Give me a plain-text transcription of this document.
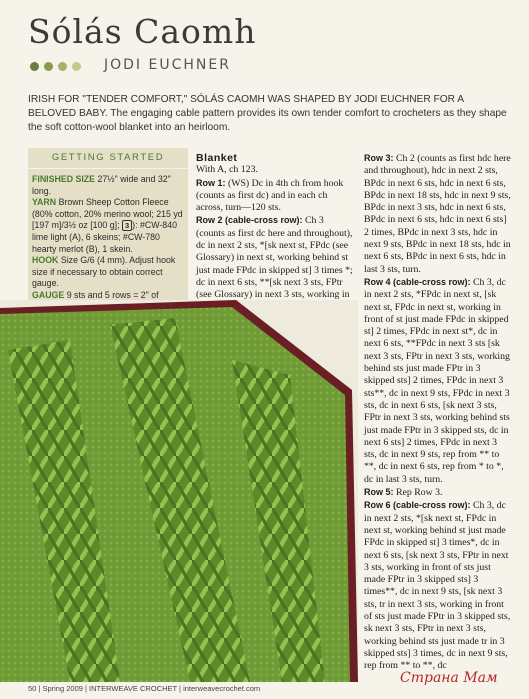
Sólás Caomh
JODI EUCHNER
IRISH FOR "TENDER COMFORT," SÓLÁS CAOMH WAS SHAPED BY JODI EUCHNER FOR A BELOVED BABY. The engaging cable pattern provides its own tender comfort to crocheters as they shape the soft cotton-wool blanket into an heirloom.
GETTING STARTED

FINISHED SIZE 27½" wide and 32" long.

YARN Brown Sheep Cotton Fleece (80% cotton, 20% merino wool; 215 yd [197 m]/3½ oz [100 g]; 3 ): #CW-840 lime light (A), 6 skeins; #CW-780 hearty merlot (B), 1 skein.

HOOK Size G/6 (4 mm). Adjust hook size if necessary to obtain correct gauge.

GAUGE 9 sts and 5 rows = 2" of

Blanket

With A, ch 123.

Row 1: (WS) Dc in 4th ch from hook (counts as first dc) and in each ch across, turn—120 sts.

Row 2 (cable-cross row): Ch 3 (counts as first dc here and throughout), dc in next 2 sts, *[sk next st, FPdc (see Glossary) in next st, working behind st just made FPdc in skipped st] 3 times *; dc in next 6 sts, **[sk next 3 sts, FPtr (see Glossary) in next 3 sts, working in

Row 3: Ch 2 (counts as first hdc here and throughout), hdc in next 2 sts, BPdc in next 6 sts, hdc in next 6 sts, BPdc in next 18 sts, hdc in next 9 sts, BPdc in next 3 sts, hdc in next 6 sts, BPdc in next 6 sts, hdc in next 6 sts] 2 times, BPdc in next 3 sts, hdc in next 9 sts, BPdc in next 18 sts, hdc in next 6 sts, BPdc in next 6 sts, hdc in last 3 sts, turn.

Row 4 (cable-cross row): Ch 3, dc in next 2 sts, *FPdc in next st, [sk next st, FPdc in next st, working in front of st just made FPdc in skipped st] 2 times, FPdc in next st*, dc in next 6 sts, **FPdc in next 3 sts [sk next 3 sts, FPtr in next 3 sts, working behind sts just made FPtr in 3 skipped sts] 2 times, FPdc in next 3 sts**, dc in next 9 sts, FPdc in next 3 sts, dc in next 6 sts, [sk next 3 sts, FPtr in next 3 sts, working behind sts just made FPtr in 3 skipped sts, dc in next 6 sts] 2 times, FPdc in next 3 sts, dc in next 9 sts, rep from ** to **, dc in next 6 sts, rep from * to *, dc in last 3 sts, turn.

Row 5: Rep Row 3.

Row 6 (cable-cross row): Ch 3, dc in next 2 sts, *[sk next st, FPdc in next st, working behind st just made FPdc in skipped st] 3 times*, dc in next 6 sts, [sk next 3 sts, FPtr in next 3 sts, working in front of sts just made FPtr in 3 skipped sts] 3 times**, dc in next 9 sts, [sk next 3 sts, tr in next 3 sts, working in front of sts just made FPtr in 3 skipped sts, sk next 3 sts, FPtr in next 3 sts, working behind sts just made tr in 3 skipped sts] 3 times, dc in next 9 sts, rep from ** to **, dc

50 | Spring 2009 | INTERWEAVE CROCHET | interweavecrochet.com
Страна Мам
